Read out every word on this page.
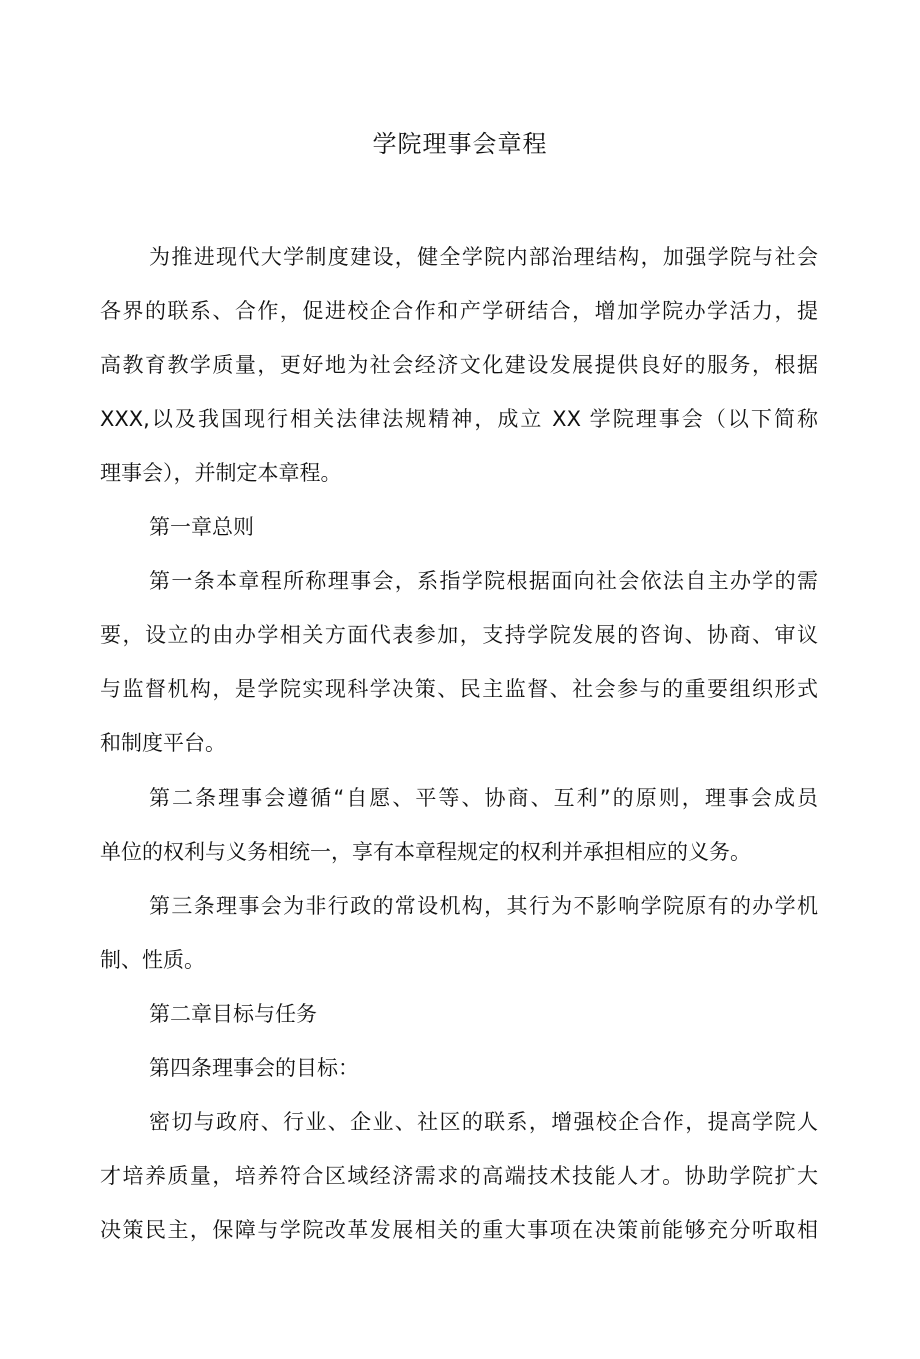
学院理事会章程
为推进现代大学制度建设，健全学院内部治理结构，加强学院与社会
各界的联系、合作，促进校企合作和产学研结合，增加学院办学活力，提
高教育教学质量，更好地为社会经济文化建设发展提供良好的服务，根据
XXX,以及我国现行相关法律法规精神，成立 XX 学院理事会（以下简称
理事会），并制定本章程。
第一章总则
第一条本章程所称理事会，系指学院根据面向社会依法自主办学的需
要，设立的由办学相关方面代表参加，支持学院发展的咨询、协商、审议
与监督机构，是学院实现科学决策、民主监督、社会参与的重要组织形式
和制度平台。
第二条理事会遵循“自愿、平等、协商、互利”的原则，理事会成员
单位的权利与义务相统一，享有本章程规定的权利并承担相应的义务。
第三条理事会为非行政的常设机构，其行为不影响学院原有的办学机
制、性质。
第二章目标与任务
第四条理事会的目标：
密切与政府、行业、企业、社区的联系，增强校企合作，提高学院人
才培养质量，培养符合区域经济需求的高端技术技能人才。协助学院扩大
决策民主，保障与学院改革发展相关的重大事项在决策前能够充分听取相
